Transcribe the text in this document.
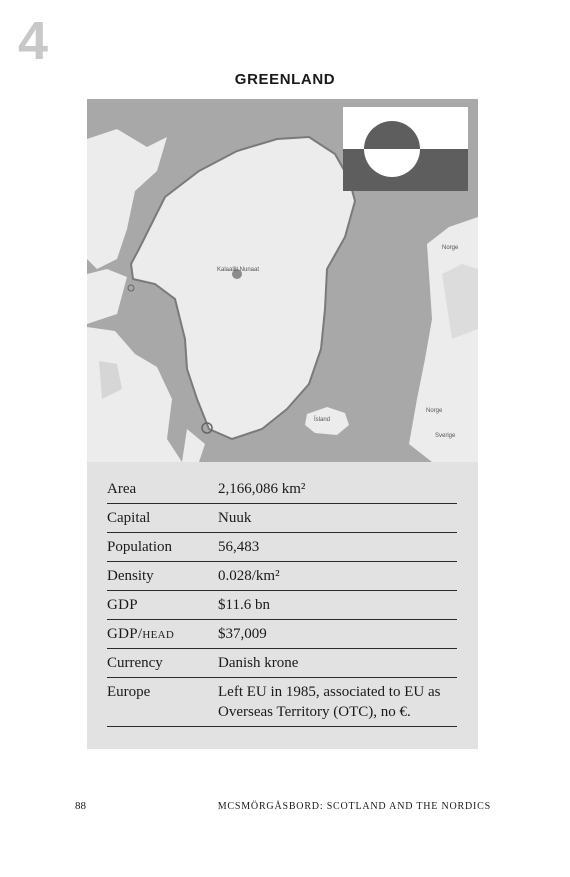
4
GREENLAND
Kalaallit Nunaat
Norge
Ísland
Norge
Sverige
Area	2,166,086 km²
Capital	Nuuk
Population	56,483
Density	0.028/km²
GDP	$11.6 bn
GDP/head	$37,009
Currency	Danish krone
Europe	Left EU in 1985, associated to EU as Overseas Territory (OTC), no €.
88	MCSMÖRGÅSBORD: SCOTLAND AND THE NORDICS
